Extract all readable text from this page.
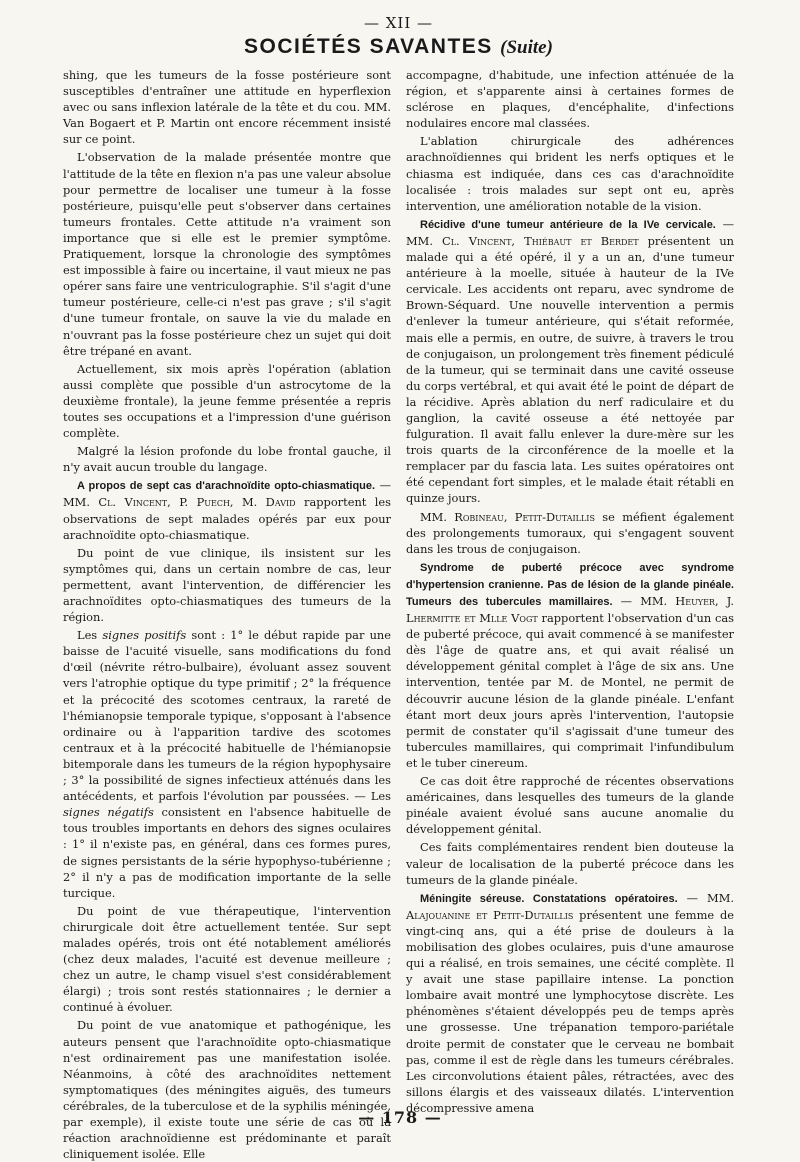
— XII —
SOCIÉTÉS SAVANTES (Suite)

shing, que les tumeurs de la fosse postérieure sont susceptibles d'entraîner une attitude en hyperflexion avec ou sans inflexion latérale de la tête et du cou. MM. Van Bogaert et P. Martin ont encore récemment insisté sur ce point.

L'observation de la malade présentée montre que l'attitude de la tête en flexion n'a pas une valeur absolue pour permettre de localiser une tumeur à la fosse postérieure, puisqu'elle peut s'observer dans certaines tumeurs frontales. Cette attitude n'a vraiment son importance que si elle est le premier symptôme. Pratiquement, lorsque la chronologie des symptômes est impossible à faire ou incertaine, il vaut mieux ne pas opérer sans faire une ventriculographie. S'il s'agit d'une tumeur postérieure, celle-ci n'est pas grave ; s'il s'agit d'une tumeur frontale, on sauve la vie du malade en n'ouvrant pas la fosse postérieure chez un sujet qui doit être trépané en avant.

Actuellement, six mois après l'opération (ablation aussi complète que possible d'un astrocytome de la deuxième frontale), la jeune femme présentée a repris toutes ses occupations et a l'impression d'une guérison complète.

Malgré la lésion profonde du lobe frontal gauche, il n'y avait aucun trouble du langage.

A propos de sept cas d'arachnoïdite opto-chiasmatique. — MM. Cl. Vincent, P. Puech, M. David rapportent les observations de sept malades opérés par eux pour arachnoïdite opto-chiasmatique.

Du point de vue clinique, ils insistent sur les symptômes qui, dans un certain nombre de cas, leur permettent, avant l'intervention, de différencier les arachnoïdites opto-chiasmatiques des tumeurs de la région.

Les signes positifs sont : 1° le début rapide par une baisse de l'acuité visuelle, sans modifications du fond d'œil (névrite rétro-bulbaire), évoluant assez souvent vers l'atrophie optique du type primitif ; 2° la fréquence et la précocité des scotomes centraux, la rareté de l'hémianopsie temporale typique, s'opposant à l'absence ordinaire ou à l'apparition tardive des scotomes centraux et à la précocité habituelle de l'hémianopsie bitemporale dans les tumeurs de la région hypophysaire ; 3° la possibilité de signes infectieux atténués dans les antécédents, et parfois l'évolution par poussées. — Les signes négatifs consistent en l'absence habituelle de tous troubles importants en dehors des signes oculaires : 1° il n'existe pas, en général, dans ces formes pures, de signes persistants de la série hypophyso-tubérienne ; 2° il n'y a pas de modification importante de la selle turcique.

Du point de vue thérapeutique, l'intervention chirurgicale doit être actuellement tentée. Sur sept malades opérés, trois ont été notablement améliorés (chez deux malades, l'acuité est devenue meilleure ; chez un autre, le champ visuel s'est considérablement élargi) ; trois sont restés stationnaires ; le dernier a continué à évoluer.

Du point de vue anatomique et pathogénique, les auteurs pensent que l'arachnoïdite opto-chiasmatique n'est ordinairement pas une manifestation isolée. Néanmoins, à côté des arachnoïdites nettement symptomatiques (des méningites aiguës, des tumeurs cérébrales, de la tuberculose et de la syphilis méningée, par exemple), il existe toute une série de cas où la réaction arachnoïdienne est prédominante et paraît cliniquement isolée. Elle

accompagne, d'habitude, une infection atténuée de la région, et s'apparente ainsi à certaines formes de sclérose en plaques, d'encéphalite, d'infections nodulaires encore mal classées.

L'ablation chirurgicale des adhérences arachnoïdiennes qui brident les nerfs optiques et le chiasma est indiquée, dans ces cas d'arachnoïdite localisée : trois malades sur sept ont eu, après intervention, une amélioration notable de la vision.

Récidive d'une tumeur antérieure de la IVe cervicale. — MM. Cl. Vincent, Thiébaut et Berdet présentent un malade qui a été opéré, il y a un an, d'une tumeur antérieure à la moelle, située à hauteur de la IVe cervicale. Les accidents ont reparu, avec syndrome de Brown-Séquard. Une nouvelle intervention a permis d'enlever la tumeur antérieure, qui s'était reformée, mais elle a permis, en outre, de suivre, à travers le trou de conjugaison, un prolongement très finement pédiculé de la tumeur, qui se terminait dans une cavité osseuse du corps vertébral, et qui avait été le point de départ de la récidive. Après ablation du nerf radiculaire et du ganglion, la cavité osseuse a été nettoyée par fulguration. Il avait fallu enlever la dure-mère sur les trois quarts de la circonférence de la moelle et la remplacer par du fascia lata. Les suites opératoires ont été cependant fort simples, et le malade était rétabli en quinze jours.

MM. Robineau, Petit-Dutaillis se méfient également des prolongements tumoraux, qui s'engagent souvent dans les trous de conjugaison.

Syndrome de puberté précoce avec syndrome d'hypertension cranienne. Pas de lésion de la glande pinéale. Tumeurs des tubercules mamillaires. — MM. Heuyer, J. Lhermitte et Mlle Vogt rapportent l'observation d'un cas de puberté précoce, qui avait commencé à se manifester dès l'âge de quatre ans, et qui avait réalisé un développement génital complet à l'âge de six ans. Une intervention, tentée par M. de Montel, ne permit de découvrir aucune lésion de la glande pinéale. L'enfant étant mort deux jours après l'intervention, l'autopsie permit de constater qu'il s'agissait d'une tumeur des tubercules mamillaires, qui comprimait l'infundibulum et le tuber cinereum.

Ce cas doit être rapproché de récentes observations américaines, dans lesquelles des tumeurs de la glande pinéale avaient évolué sans aucune anomalie du développement génital.

Ces faits complémentaires rendent bien douteuse la valeur de localisation de la puberté précoce dans les tumeurs de la glande pinéale.

Méningite séreuse. Constatations opératoires. — MM. Alajouanine et Petit-Dutaillis présentent une femme de vingt-cinq ans, qui a été prise de douleurs à la mobilisation des globes oculaires, puis d'une amaurose qui a réalisé, en trois semaines, une cécité complète. Il y avait une stase papillaire intense. La ponction lombaire avait montré une lymphocytose discrète. Les phénomènes s'étaient développés peu de temps après une grossesse. Une trépanation temporo-pariétale droite permit de constater que le cerveau ne bombait pas, comme il est de règle dans les tumeurs cérébrales. Les circonvolutions étaient pâles, rétractées, avec des sillons élargis et des vaisseaux dilatés. L'intervention décompressive amena

— 178 —
